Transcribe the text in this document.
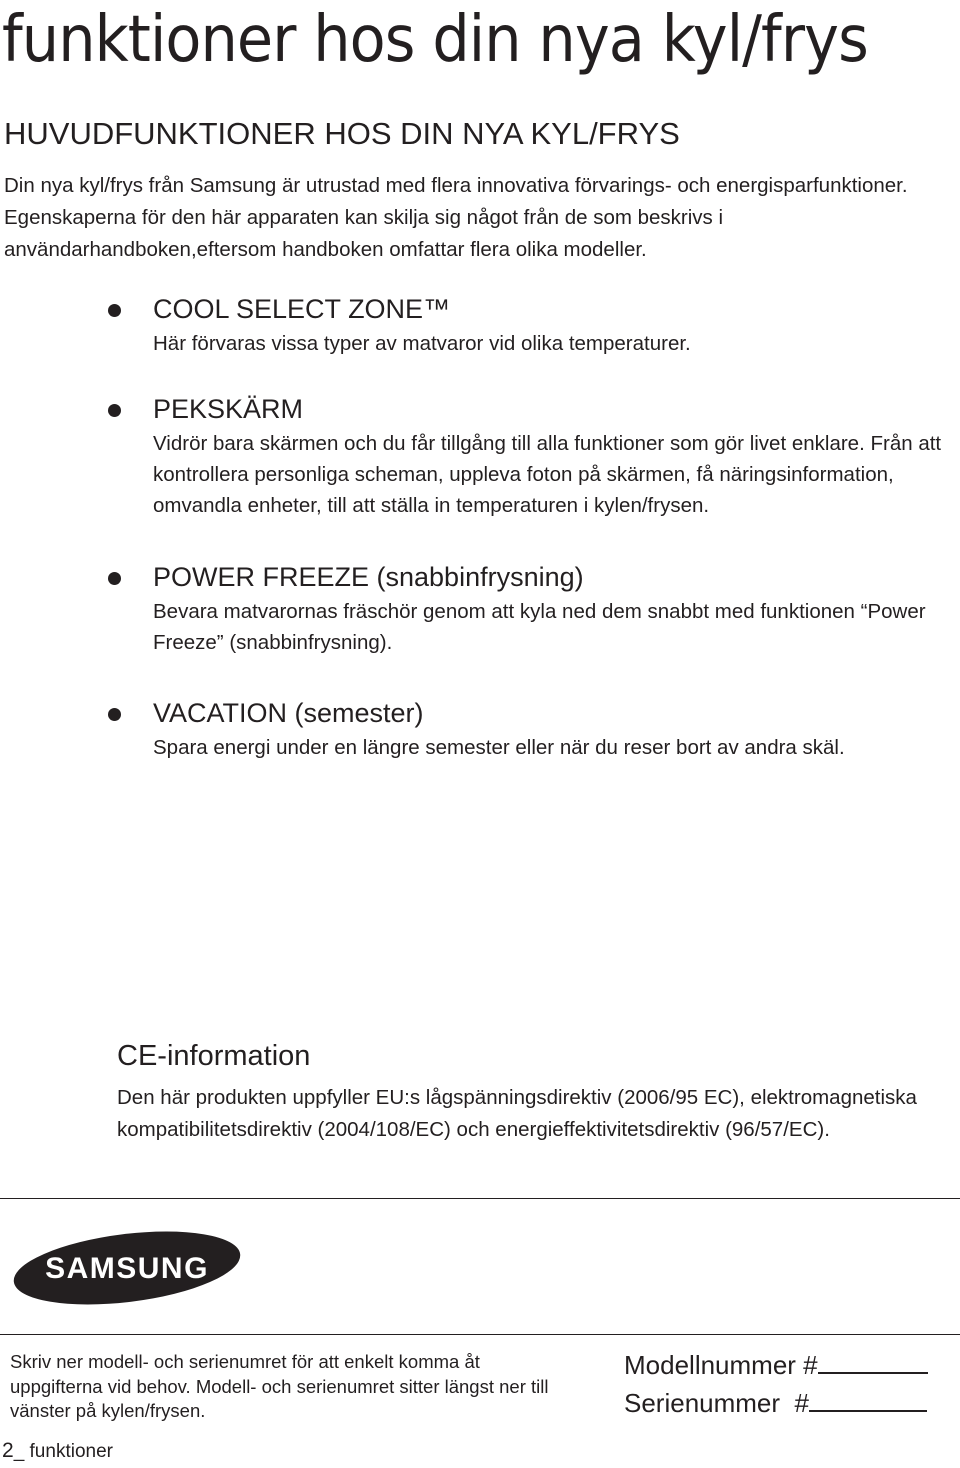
funktioner hos din nya kyl/frys
HUVUDFUNKTIONER HOS DIN NYA KYL/FRYS

Din nya kyl/frys från Samsung är utrustad med flera innovativa förvarings- och energisparfunktioner.

Egenskaperna för den här apparaten kan skilja sig något från de som beskrivs i användarhandboken,eftersom handboken omfattar flera olika modeller.

COOL SELECT ZONE™
Här förvaras vissa typer av matvaror vid olika temperaturer.
PEKSKÄRM
Vidrör bara skärmen och du får tillgång till alla funktioner som gör livet enklare. Från att kontrollera personliga scheman, uppleva foton på skärmen, få näringsinformation, omvandla enheter, till att ställa in temperaturen i kylen/frysen.
POWER FREEZE (snabbinfrysning)
Bevara matvarornas fräschör genom att kyla ned dem snabbt med funktionen “Power Freeze” (snabbinfrysning).
VACATION (semester)
Spara energi under en längre semester eller när du reser bort av andra skäl.
CE-information
Den här produkten uppfyller EU:s lågspänningsdirektiv (2006/95 EC), elektromagnetiska kompatibilitetsdirektiv (2004/108/EC) och energieffektivitetsdirektiv (96/57/EC).
SAMSUNG
Skriv ner modell- och serienumret för att enkelt komma åt uppgifterna vid behov. Modell- och serienumret sitter längst ner till vänster på kylen/frysen.
Modellnummer #
Serienummer  #
2_ funktioner
